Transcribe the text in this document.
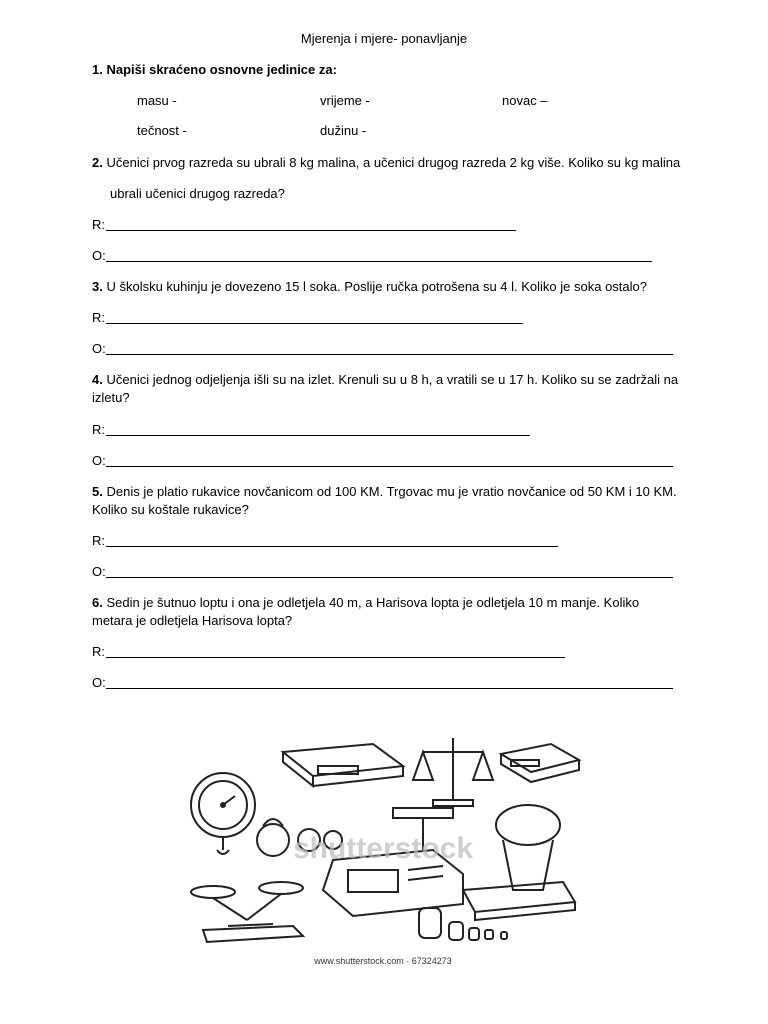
Mjerenja i mjere- ponavljanje
1. Napiši skraćeno osnovne jedinice za:
masu -	vrijeme -	novac –
tečnost -	dužinu -
2. Učenici prvog razreda su ubrali 8 kg malina, a učenici drugog razreda 2 kg više. Koliko su kg malina
ubrali učenici drugog razreda?
R:
O:
3. U školsku kuhinju je dovezeno 15 l soka. Poslije ručka potrošena su 4 l. Koliko je soka ostalo?
R:
O:
4. Učenici jednog odjeljenja išli su na izlet. Krenuli su u 8 h, a vratili se u 17 h. Koliko su se zadržali na
izletu?
R:
O:
5. Denis je platio rukavice novčanicom od 100 KM. Trgovac mu je vratio novčanice od 50 KM i 10 KM.
Koliko su koštale rukavice?
R:
O:
6. Sedin je šutnuo loptu i ona je odletjela 40 m, a Harisova lopta je odletjela 10 m manje. Koliko
metara je odletjela Harisova lopta?
R:
O:
shutterstock
www.shutterstock.com · 67324273
